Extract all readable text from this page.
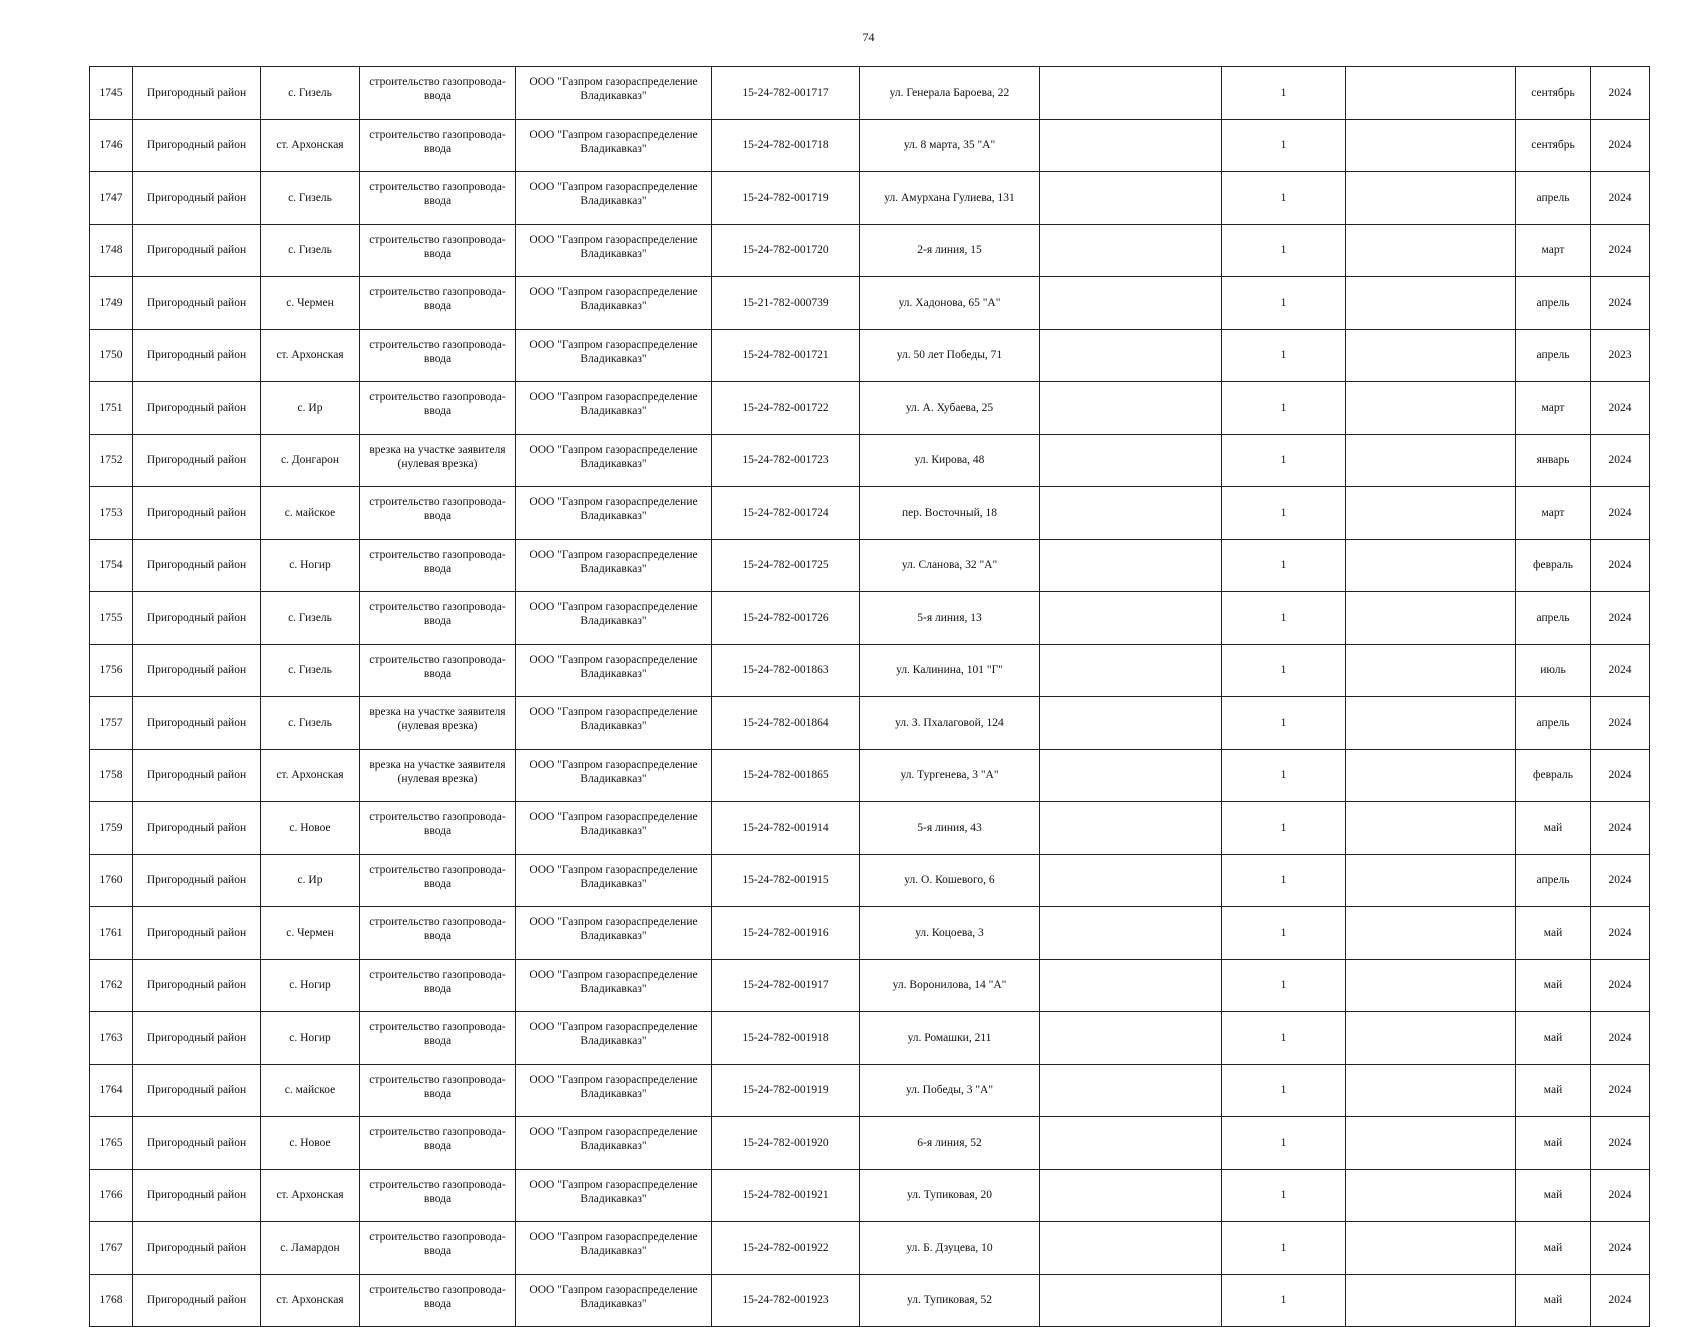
74
1745	Пригородный район	с. Гизель	строительство газопровода-ввода	ООО "Газпром газораспределение Владикавказ"	15-24-782-001717	ул. Генерала Бароева, 22		1		сентябрь	2024
1746	Пригородный район	ст. Архонская	строительство газопровода-ввода	ООО "Газпром газораспределение Владикавказ"	15-24-782-001718	ул. 8 марта, 35 "А"		1		сентябрь	2024
1747	Пригородный район	с. Гизель	строительство газопровода-ввода	ООО "Газпром газораспределение Владикавказ"	15-24-782-001719	ул. Амурхана Гулиева, 131		1		апрель	2024
1748	Пригородный район	с. Гизель	строительство газопровода-ввода	ООО "Газпром газораспределение Владикавказ"	15-24-782-001720	2-я линия, 15		1		март	2024
1749	Пригородный район	с. Чермен	строительство газопровода-ввода	ООО "Газпром газораспределение Владикавказ"	15-21-782-000739	ул. Хадонова, 65 "А"		1		апрель	2024
1750	Пригородный район	ст. Архонская	строительство газопровода-ввода	ООО "Газпром газораспределение Владикавказ"	15-24-782-001721	ул. 50 лет Победы, 71		1		апрель	2023
1751	Пригородный район	с. Ир	строительство газопровода-ввода	ООО "Газпром газораспределение Владикавказ"	15-24-782-001722	ул. А. Хубаева, 25		1		март	2024
1752	Пригородный район	с. Донгарон	врезка на участке заявителя (нулевая врезка)	ООО "Газпром газораспределение Владикавказ"	15-24-782-001723	ул. Кирова, 48		1		январь	2024
1753	Пригородный район	с. майское	строительство газопровода-ввода	ООО "Газпром газораспределение Владикавказ"	15-24-782-001724	пер. Восточный, 18		1		март	2024
1754	Пригородный район	с. Ногир	строительство газопровода-ввода	ООО "Газпром газораспределение Владикавказ"	15-24-782-001725	ул. Сланова, 32 "А"		1		февраль	2024
1755	Пригородный район	с. Гизель	строительство газопровода-ввода	ООО "Газпром газораспределение Владикавказ"	15-24-782-001726	5-я линия, 13		1		апрель	2024
1756	Пригородный район	с. Гизель	строительство газопровода-ввода	ООО "Газпром газораспределение Владикавказ"	15-24-782-001863	ул. Калинина, 101 "Г"		1		июль	2024
1757	Пригородный район	с. Гизель	врезка на участке заявителя (нулевая врезка)	ООО "Газпром газораспределение Владикавказ"	15-24-782-001864	ул. З. Пхалаговой, 124		1		апрель	2024
1758	Пригородный район	ст. Архонская	врезка на участке заявителя (нулевая врезка)	ООО "Газпром газораспределение Владикавказ"	15-24-782-001865	ул. Тургенева, 3 "А"		1		февраль	2024
1759	Пригородный район	с. Новое	строительство газопровода-ввода	ООО "Газпром газораспределение Владикавказ"	15-24-782-001914	5-я линия, 43		1		май	2024
1760	Пригородный район	с. Ир	строительство газопровода-ввода	ООО "Газпром газораспределение Владикавказ"	15-24-782-001915	ул. О. Кошевого, 6		1		апрель	2024
1761	Пригородный район	с. Чермен	строительство газопровода-ввода	ООО "Газпром газораспределение Владикавказ"	15-24-782-001916	ул. Коцоева, 3		1		май	2024
1762	Пригородный район	с. Ногир	строительство газопровода-ввода	ООО "Газпром газораспределение Владикавказ"	15-24-782-001917	ул. Воронилова, 14 "А"		1		май	2024
1763	Пригородный район	с. Ногир	строительство газопровода-ввода	ООО "Газпром газораспределение Владикавказ"	15-24-782-001918	ул. Ромашки, 211		1		май	2024
1764	Пригородный район	с. майское	строительство газопровода-ввода	ООО "Газпром газораспределение Владикавказ"	15-24-782-001919	ул. Победы, 3 "А"		1		май	2024
1765	Пригородный район	с. Новое	строительство газопровода-ввода	ООО "Газпром газораспределение Владикавказ"	15-24-782-001920	6-я линия, 52		1		май	2024
1766	Пригородный район	ст. Архонская	строительство газопровода-ввода	ООО "Газпром газораспределение Владикавказ"	15-24-782-001921	ул. Тупиковая, 20		1		май	2024
1767	Пригородный район	с. Ламардон	строительство газопровода-ввода	ООО "Газпром газораспределение Владикавказ"	15-24-782-001922	ул. Б. Дзуцева, 10		1		май	2024
1768	Пригородный район	ст. Архонская	строительство газопровода-ввода	ООО "Газпром газораспределение Владикавказ"	15-24-782-001923	ул. Тупиковая, 52		1		май	2024
